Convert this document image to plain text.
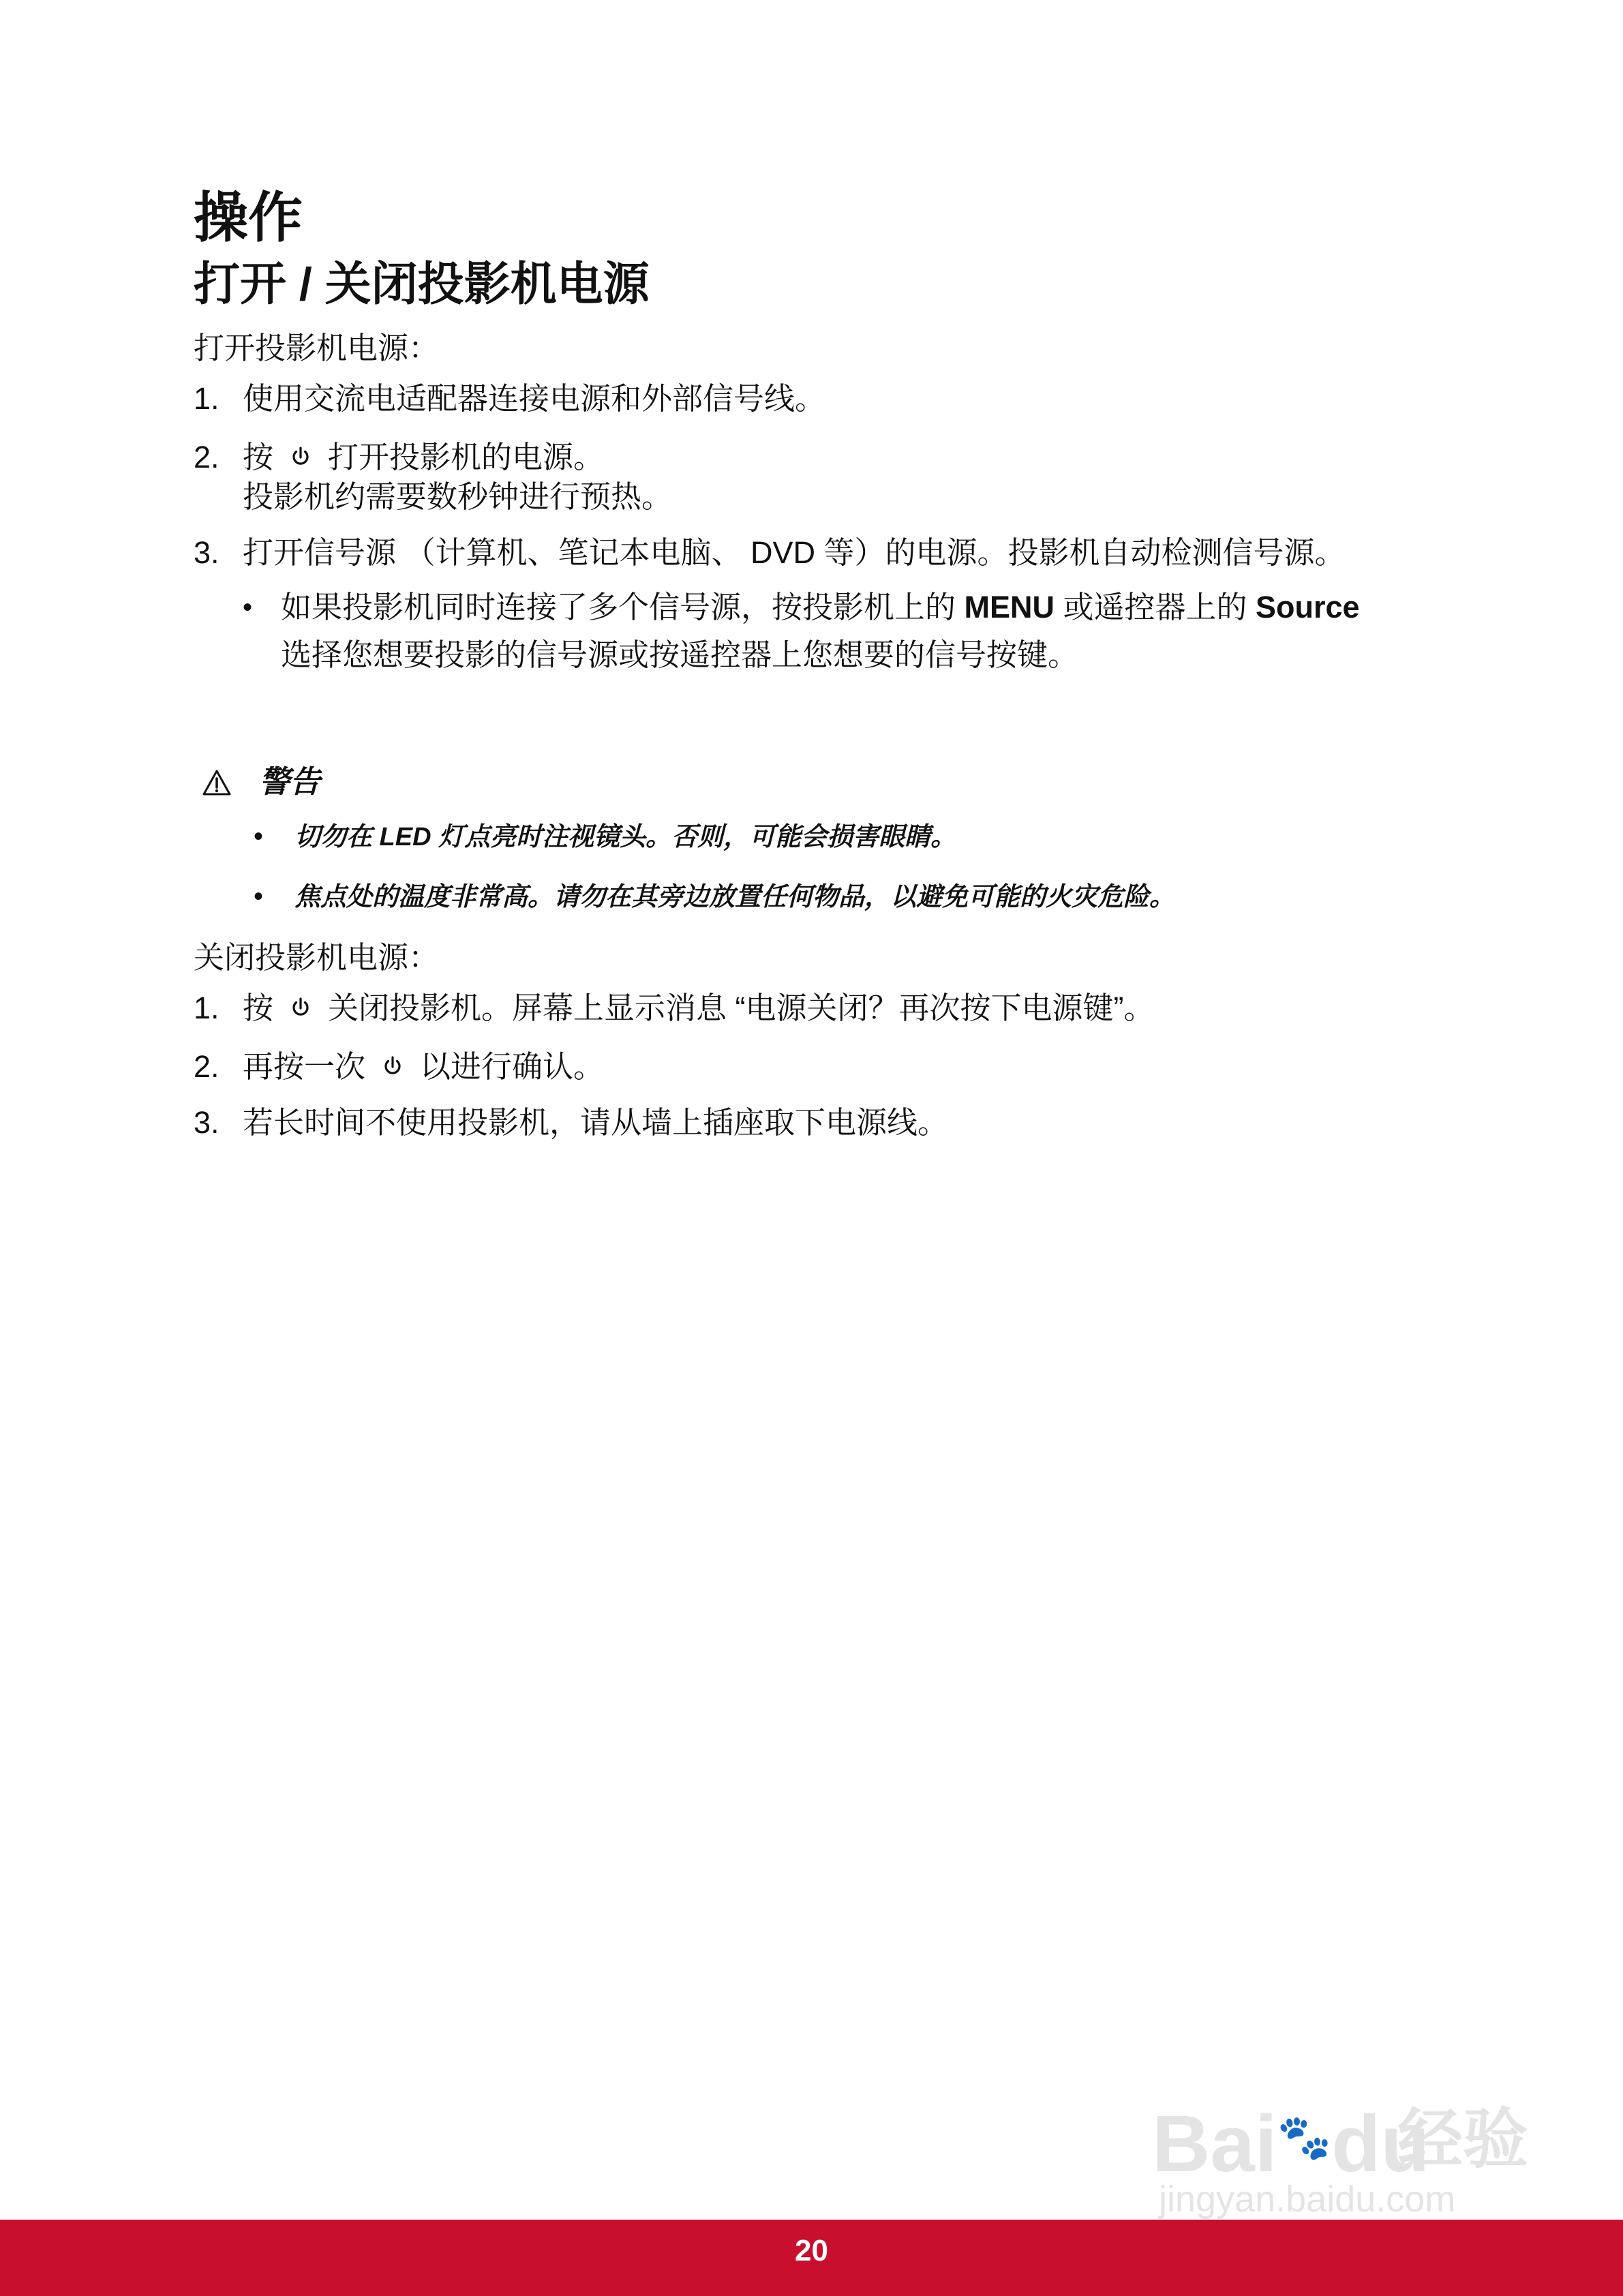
操作
打开 / 关闭投影机电源
打开投影机电源：
1. 使用交流电适配器连接电源和外部信号线。
2. 按 打开投影机的电源。
投影机约需要数秒钟进行预热。
3. 打开信号源 （计算机、笔记本电脑、 DVD 等）的电源。投影机自动检测信号源。
• 如果投影机同时连接了多个信号源，按投影机上的 MENU 或遥控器上的 Source
选择您想要投影的信号源或按遥控器上您想要的信号按键。
警告
• 切勿在 LED 灯点亮时注视镜头。否则，可能会损害眼睛。
• 焦点处的温度非常高。请勿在其旁边放置任何物品，以避免可能的火灾危险。
关闭投影机电源：
1. 按 关闭投影机。屏幕上显示消息 “电源关闭？再次按下电源键”。
2. 再按一次 以进行确认。
3. 若长时间不使用投影机，请从墙上插座取下电源线。
Bai🐾du
经验
jingyan.baidu.com
20
